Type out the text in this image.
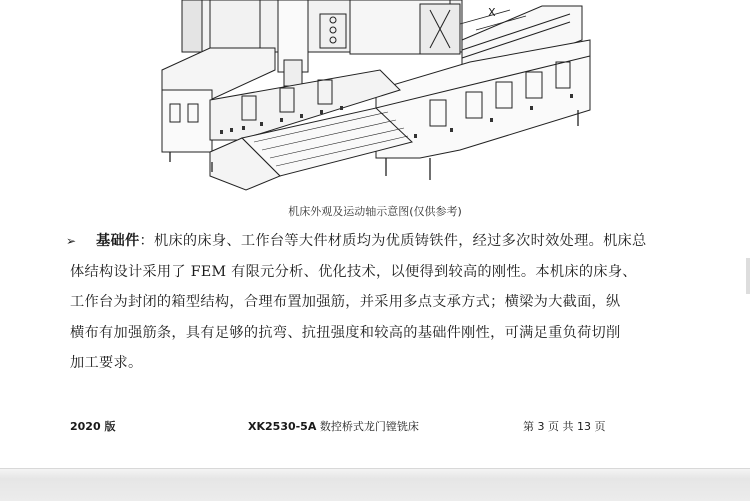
X
机床外观及运动轴示意图(仅供参考)
➢	基础件：机床的床身、工作台等大件材质均为优质铸铁件，经过多次时效处理。机床总
体结构设计采用了 FEM 有限元分析、优化技术，以便得到较高的刚性。本机床的床身、
工作台为封闭的箱型结构，合理布置加强筋，并采用多点支承方式；横梁为大截面，纵
横布有加强筋条，具有足够的抗弯、抗扭强度和较高的基础件刚性，可满足重负荷切削
加工要求。
2020 版	XK2530-5A 数控桥式龙门镗铣床	第 3 页 共 13 页
